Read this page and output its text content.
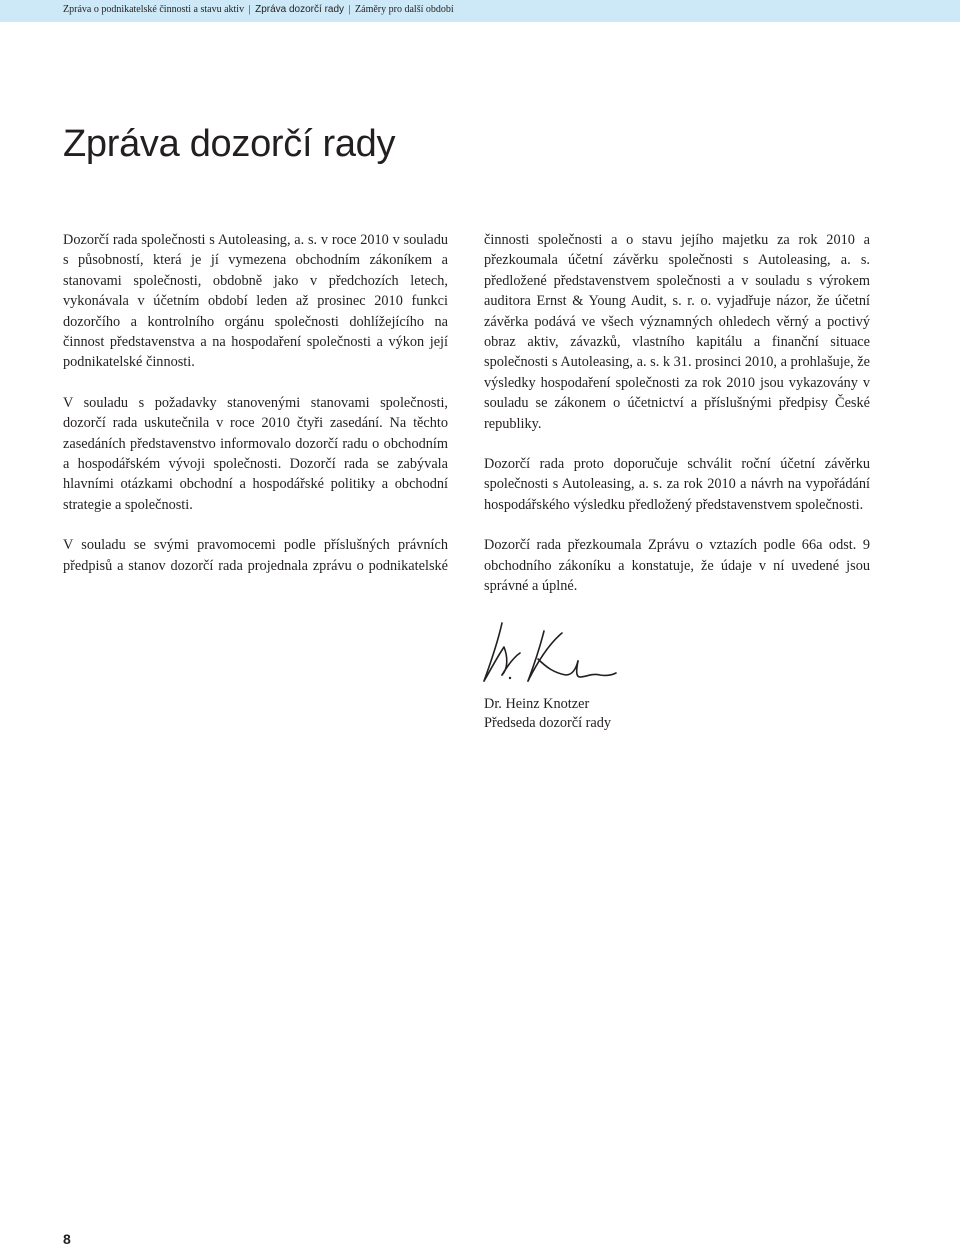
Zpráva o podnikatelské činnosti a stavu aktiv | Zpráva dozorčí rady | Záměry pro další období
Zpráva dozorčí rady

Dozorčí rada společnosti s Autoleasing, a. s. v roce 2010 v souladu s působností, která je jí vymezena obchodním zákoníkem a stanovami společnosti, obdobně jako v předchozích letech, vykonávala v účetním období leden až prosinec 2010 funkci dozorčího a kontrolního orgánu společnosti dohlížejícího na činnost představenstva a na hospodaření společnosti a výkon její podnikatelské činnosti.

V souladu s požadavky stanovenými stanovami společnosti, dozorčí rada uskutečnila v roce 2010 čtyři zasedání. Na těchto zasedáních představenstvo informovalo dozorčí radu o obchodním a hospodářském vývoji společnosti. Dozorčí rada se zabývala hlavními otázkami obchodní a hospodářské politiky a obchodní strategie a společnosti.

V souladu se svými pravomocemi podle příslušných právních předpisů a stanov dozorčí rada projednala zprávu o podnikatelské

činnosti společnosti a o stavu jejího majetku za rok 2010 a přezkoumala účetní závěrku společnosti s Autoleasing, a. s. předložené představenstvem společnosti a v souladu s výrokem auditora Ernst & Young Audit, s. r. o. vyjadřuje názor, že účetní závěrka podává ve všech významných ohledech věrný a poctivý obraz aktiv, závazků, vlastního kapitálu a finanční situace společnosti s Autoleasing, a. s. k 31. prosinci 2010, a prohlašuje, že výsledky hospodaření společnosti za rok 2010 jsou vykazovány v souladu se zákonem o účetnictví a příslušnými předpisy České republiky.

Dozorčí rada proto doporučuje schválit roční účetní závěrku společnosti s Autoleasing, a. s. za rok 2010 a návrh na vypořádání hospodářského výsledku předložený představenstvem společnosti.

Dozorčí rada přezkoumala Zprávu o vztazích podle 66a odst. 9 obchodního zákoníku a konstatuje, že údaje v ní uvedené jsou správné a úplné.

Dr. Heinz Knotzer
Předseda dozorčí rady
8
